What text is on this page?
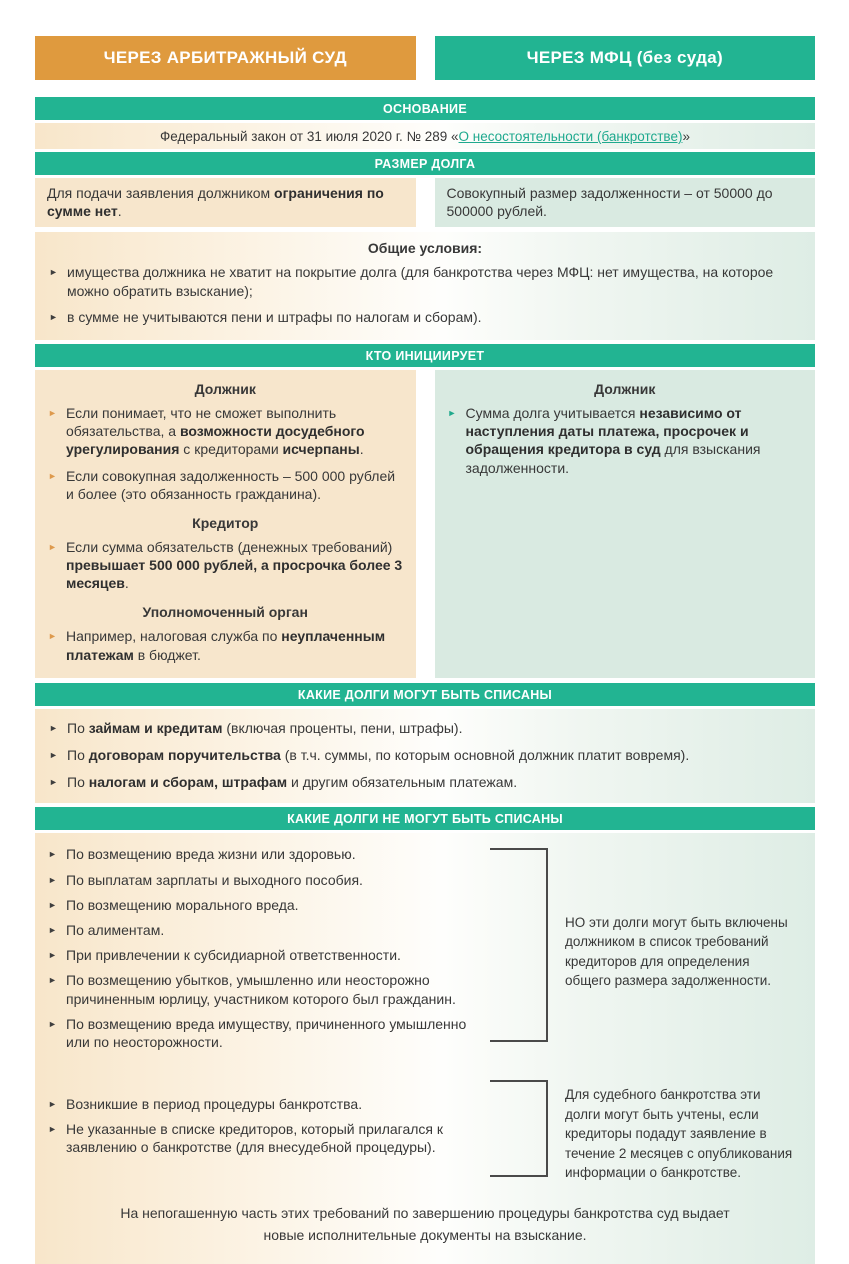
ЧЕРЕЗ АРБИТРАЖНЫЙ СУД	ЧЕРЕЗ МФЦ (без суда)
ОСНОВАНИЕ
Федеральный закон от 31 июля 2020 г. № 289 «О несостоятельности (банкротстве)»
РАЗМЕР ДОЛГА
Для подачи заявления должником ограничения по сумме нет.
Совокупный размер задолженности – от 50000 до 500000 рублей.
Общие условия:
► имущества должника не хватит на покрытие долга (для банкротства через МФЦ: нет имущества, на которое можно обратить взыскание);
► в сумме не учитываются пени и штрафы по налогам и сборам).
КТО ИНИЦИИРУЕТ
Должник
► Если понимает, что не сможет выполнить обязательства, а возможности досудебного урегулирования с кредиторами исчерпаны.
► Если совокупная задолженность – 500 000 рублей и более (это обязанность гражданина).
Кредитор
► Если сумма обязательств (денежных требований) превышает 500 000 рублей, а просрочка более 3 месяцев.
Уполномоченный орган
► Например, налоговая служба по неуплаченным платежам в бюджет.
Должник
► Сумма долга учитывается независимо от наступления даты платежа, просрочек и обращения кредитора в суд для взыскания задолженности.
КАКИЕ ДОЛГИ МОГУТ БЫТЬ СПИСАНЫ
► По займам и кредитам (включая проценты, пени, штрафы).
► По договорам поручительства (в т.ч. суммы, по которым основной должник платит вовремя).
► По налогам и сборам, штрафам и другим обязательным платежам.
КАКИЕ ДОЛГИ НЕ МОГУТ БЫТЬ СПИСАНЫ
► По возмещению вреда жизни или здоровью.
► По выплатам зарплаты и выходного пособия.
► По возмещению морального вреда.
► По алиментам.
► При привлечении к субсидиарной ответственности.
► По возмещению убытков, умышленно или неосторожно причиненным юрлицу, участником которого был гражданин.
► По возмещению вреда имуществу, причиненного умышленно или по неосторожности.
НО эти долги могут быть включены должником в список требований кредиторов для определения общего размера задолженности.
► Возникшие в период процедуры банкротства.
► Не указанные в списке кредиторов, который прилагался к заявлению о банкротстве (для внесудебной процедуры).
Для судебного банкротства эти долги могут быть учтены, если кредиторы подадут заявление в течение 2 месяцев с опубликования информации о банкротстве.
На непогашенную часть этих требований по завершению процедуры банкротства суд выдает новые исполнительные документы на взыскание.
